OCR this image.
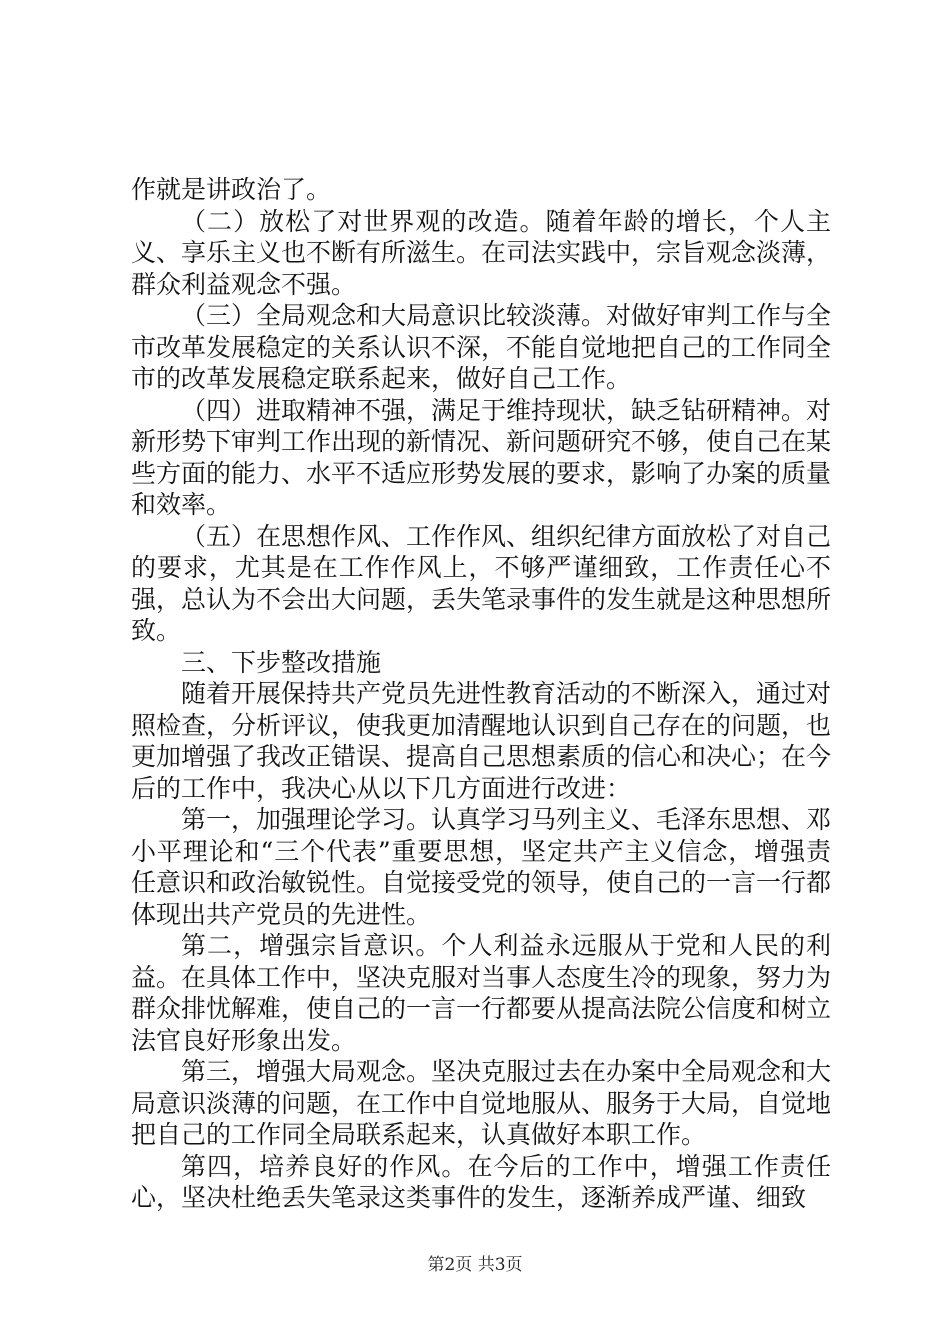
作就是讲政治了。

（二）放松了对世界观的改造。随着年龄的增长，个人主义、享乐主义也不断有所滋生。在司法实践中，宗旨观念淡薄，群众利益观念不强。

（三）全局观念和大局意识比较淡薄。对做好审判工作与全市改革发展稳定的关系认识不深，不能自觉地把自己的工作同全市的改革发展稳定联系起来，做好自己工作。

（四）进取精神不强，满足于维持现状，缺乏钻研精神。对新形势下审判工作出现的新情况、新问题研究不够，使自己在某些方面的能力、水平不适应形势发展的要求，影响了办案的质量和效率。

（五）在思想作风、工作作风、组织纪律方面放松了对自己的要求，尤其是在工作作风上，不够严谨细致，工作责任心不强，总认为不会出大问题，丢失笔录事件的发生就是这种思想所致。

三、下步整改措施

随着开展保持共产党员先进性教育活动的不断深入，通过对照检查，分析评议，使我更加清醒地认识到自己存在的问题，也更加增强了我改正错误、提高自己思想素质的信心和决心；在今后的工作中，我决心从以下几方面进行改进：

第一，加强理论学习。认真学习马列主义、毛泽东思想、邓小平理论和“三个代表”重要思想，坚定共产主义信念，增强责任意识和政治敏锐性。自觉接受党的领导，使自己的一言一行都体现出共产党员的先进性。

第二，增强宗旨意识。个人利益永远服从于党和人民的利益。在具体工作中，坚决克服对当事人态度生冷的现象，努力为群众排忧解难，使自己的一言一行都要从提高法院公信度和树立法官良好形象出发。

第三，增强大局观念。坚决克服过去在办案中全局观念和大局意识淡薄的问题，在工作中自觉地服从、服务于大局，自觉地把自己的工作同全局联系起来，认真做好本职工作。

第四，培养良好的作风。在今后的工作中，增强工作责任心，坚决杜绝丢失笔录这类事件的发生，逐渐养成严谨、细致

第2页 共3页
